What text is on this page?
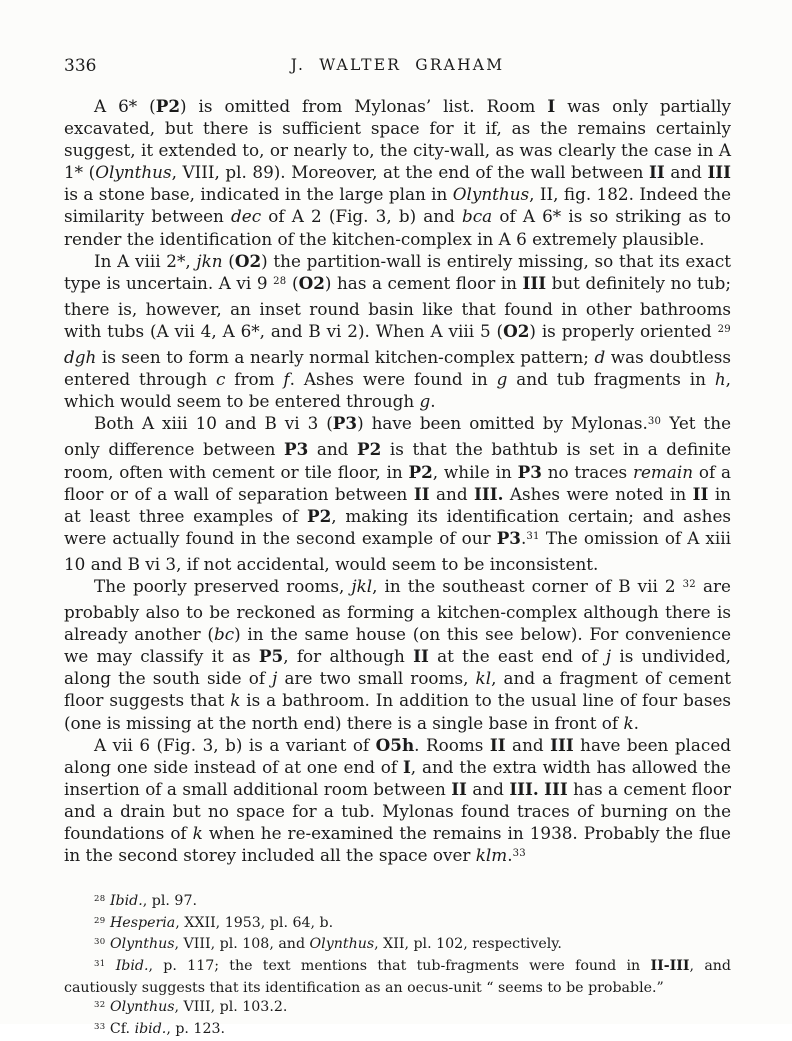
336	J. WALTER GRAHAM

A 6* (P2) is omitted from Mylonas’ list. Room I was only partially excavated, but there is sufficient space for it if, as the remains certainly suggest, it extended to, or nearly to, the city-wall, as was clearly the case in A 1* (Olynthus, VIII, pl. 89). Moreover, at the end of the wall between II and III is a stone base, indicated in the large plan in Olynthus, II, fig. 182. Indeed the similarity between dec of A 2 (Fig. 3, b) and bca of A 6* is so striking as to render the identification of the kitchen-complex in A 6 extremely plausible.

In A viii 2*, jkn (O2) the partition-wall is entirely missing, so that its exact type is uncertain. A vi 9 $^{28}$ (O2) has a cement floor in III but definitely no tub; there is, however, an inset round basin like that found in other bathrooms with tubs (A vii 4, A 6*, and B vi 2). When A viii 5 (O2) is properly oriented $^{29}$ dgh is seen to form a nearly normal kitchen-complex pattern; d was doubtless entered through c from f. Ashes were found in g and tub fragments in h, which would seem to be entered through g.

Both A xiii 10 and B vi 3 (P3) have been omitted by Mylonas.$^{30}$ Yet the only difference between P3 and P2 is that the bathtub is set in a definite room, often with cement or tile floor, in P2, while in P3 no traces remain of a floor or of a wall of separation between II and III. Ashes were noted in II in at least three examples of P2, making its identification certain; and ashes were actually found in the second example of our P3.31 The omission of A xiii 10 and B vi 3, if not accidental, would seem to be inconsistent.

The poorly preserved rooms, jkl, in the southeast corner of B vii 2 $^{32}$ are probably also to be reckoned as forming a kitchen-complex although there is already another (bc) in the same house (on this see below). For convenience we may classify it as P5, for although II at the east end of j is undivided, along the south side of j are two small rooms, kl, and a fragment of cement floor suggests that k is a bathroom. In addition to the usual line of four bases (one is missing at the north end) there is a single base in front of k.

A vii 6 (Fig. 3, b) is a variant of O5h. Rooms II and III have been placed along one side instead of at one end of I, and the extra width has allowed the insertion of a small additional room between II and III. III has a cement floor and a drain but no space for a tub. Mylonas found traces of burning on the foundations of k when he re-examined the remains in 1938. Probably the flue in the second storey included all the space over klm.$^{33}$

$^{28}$ Ibid., pl. 97.

$^{29}$ Hesperia, XXII, 1953, pl. 64, b.

$^{30}$ Olynthus, VIII, pl. 108, and Olynthus, XII, pl. 102, respectively.

$^{31}$ Ibid., p. 117; the text mentions that tub-fragments were found in II-III, and cautiously suggests that its identification as an oecus-unit “ seems to be probable.”

$^{32}$ Olynthus, VIII, pl. 103.2.

$^{33}$ Cf. ibid., p. 123.
